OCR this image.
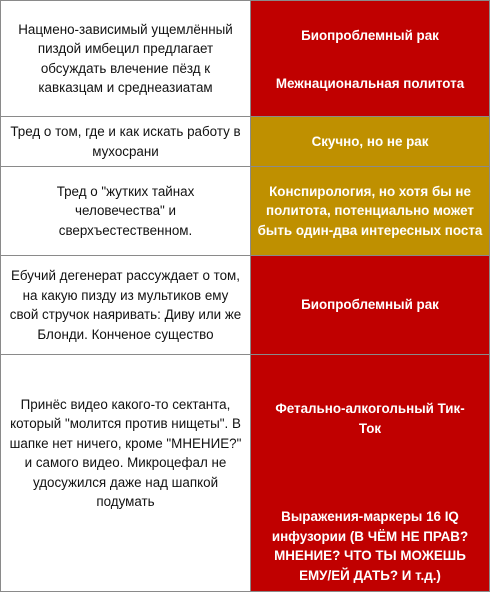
Нацмено-зависимый ущемлённый пиздой имбецил предлагает обсуждать влечение пёзд к кавказцам и среднеазиатам
Биопроблемный рак
Межнациональная политота
Тред о том, где и как искать работу в мухосрани
Скучно, но не рак
Тред о "жутких тайнах человечества" и сверхъестественном.
Конспирология, но хотя бы не политота, потенциально может быть один-два интересных поста
Ебучий дегенерат рассуждает о том, на какую пизду из мультиков ему свой стручок наяривать: Диву или же Блонди. Конченое существо
Биопроблемный рак
Принёс видео какого-то сектанта, который "молится против нищеты". В шапке нет ничего, кроме "МНЕНИЕ?" и самого видео. Микроцефал не удосужился даже над шапкой подумать
Фетально-алкогольный Тик-Ток
Выражения-маркеры 16 IQ инфузории (В ЧЁМ НЕ ПРАВ? МНЕНИЕ? ЧТО ТЫ МОЖЕШЬ ЕМУ/ЕЙ ДАТЬ? И т.д.)
